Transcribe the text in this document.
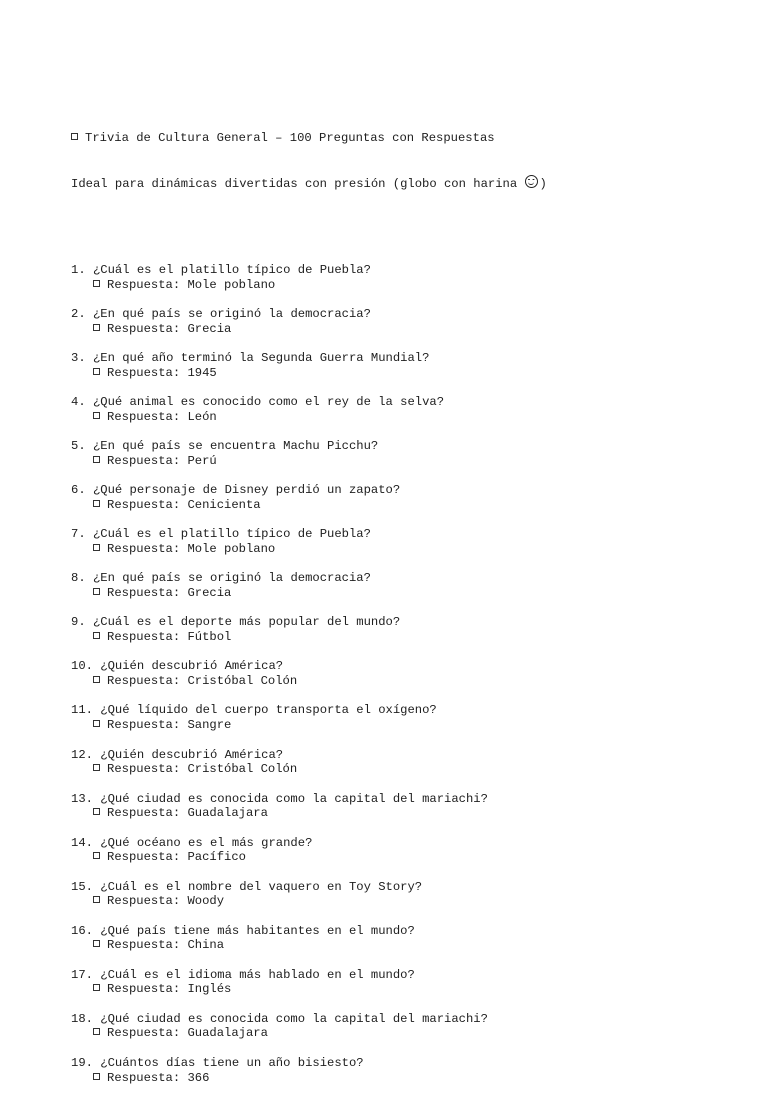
Trivia de Cultura General – 100 Preguntas con Respuestas

Ideal para dinámicas divertidas con presión (globo con harina )

1. ¿Cuál es el platillo típico de Puebla?
Respuesta: Mole poblano
2. ¿En qué país se originó la democracia?
Respuesta: Grecia
3. ¿En qué año terminó la Segunda Guerra Mundial?
Respuesta: 1945
4. ¿Qué animal es conocido como el rey de la selva?
Respuesta: León
5. ¿En qué país se encuentra Machu Picchu?
Respuesta: Perú
6. ¿Qué personaje de Disney perdió un zapato?
Respuesta: Cenicienta
7. ¿Cuál es el platillo típico de Puebla?
Respuesta: Mole poblano
8. ¿En qué país se originó la democracia?
Respuesta: Grecia
9. ¿Cuál es el deporte más popular del mundo?
Respuesta: Fútbol
10. ¿Quién descubrió América?
Respuesta: Cristóbal Colón
11. ¿Qué líquido del cuerpo transporta el oxígeno?
Respuesta: Sangre
12. ¿Quién descubrió América?
Respuesta: Cristóbal Colón
13. ¿Qué ciudad es conocida como la capital del mariachi?
Respuesta: Guadalajara
14. ¿Qué océano es el más grande?
Respuesta: Pacífico
15. ¿Cuál es el nombre del vaquero en Toy Story?
Respuesta: Woody
16. ¿Qué país tiene más habitantes en el mundo?
Respuesta: China
17. ¿Cuál es el idioma más hablado en el mundo?
Respuesta: Inglés
18. ¿Qué ciudad es conocida como la capital del mariachi?
Respuesta: Guadalajara
19. ¿Cuántos días tiene un año bisiesto?
Respuesta: 366
